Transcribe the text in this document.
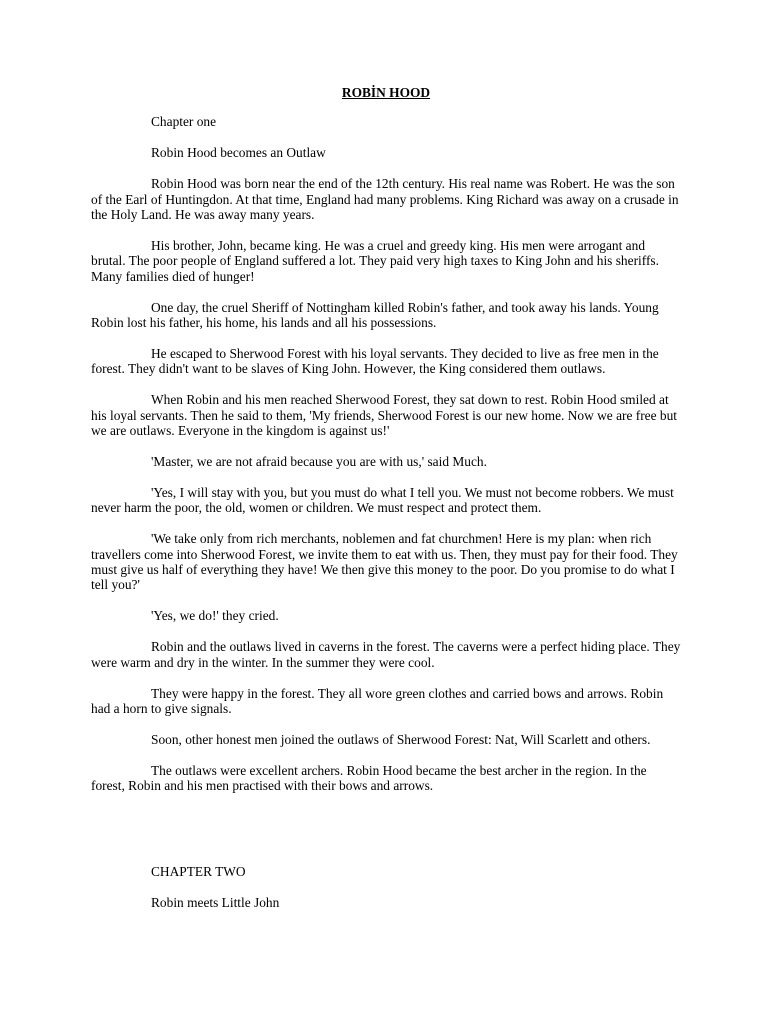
ROBİN HOOD

Chapter one

Robin Hood becomes an Outlaw

Robin Hood was born near the end of the 12th century. His real name was Robert. He was the son of the Earl of Huntingdon. At that time, England had many problems. King Richard was away on a crusade in the Holy Land. He was away many years.

His brother, John, became king. He was a cruel and greedy king. His men were arrogant and brutal. The poor people of England suffered a lot. They paid very high taxes to King John and his sheriffs. Many families died of hunger!

One day, the cruel Sheriff of Nottingham killed Robin's father, and took away his lands. Young Robin lost his father, his home, his lands and all his possessions.

He escaped to Sherwood Forest with his loyal servants. They decided to live as free men in the forest. They didn't want to be slaves of King John. However, the King considered them outlaws.

When Robin and his men reached Sherwood Forest, they sat down to rest. Robin Hood smiled at his loyal servants. Then he said to them, 'My friends, Sherwood Forest is our new home. Now we are free but we are outlaws. Everyone in the kingdom is against us!'

'Master, we are not afraid because you are with us,' said Much.

'Yes, I will stay with you, but you must do what I tell you. We must not become robbers. We must never harm the poor, the old, women or children. We must respect and protect them.

'We take only from rich merchants, noblemen and fat churchmen! Here is my plan: when rich travellers come into Sherwood Forest, we invite them to eat with us. Then, they must pay for their food. They must give us half of everything they have! We then give this money to the poor. Do you promise to do what I tell you?'

'Yes, we do!' they cried.

Robin and the outlaws lived in caverns in the forest. The caverns were a perfect hiding place. They were warm and dry in the winter. In the summer they were cool.

They were happy in the forest. They all wore green clothes and carried bows and arrows. Robin had a horn to give signals.

Soon, other honest men joined the outlaws of Sherwood Forest: Nat, Will Scarlett and others.

The outlaws were excellent archers. Robin Hood became the best archer in the region. In the forest, Robin and his men practised with their bows and arrows.

CHAPTER TWO

Robin meets Little John
